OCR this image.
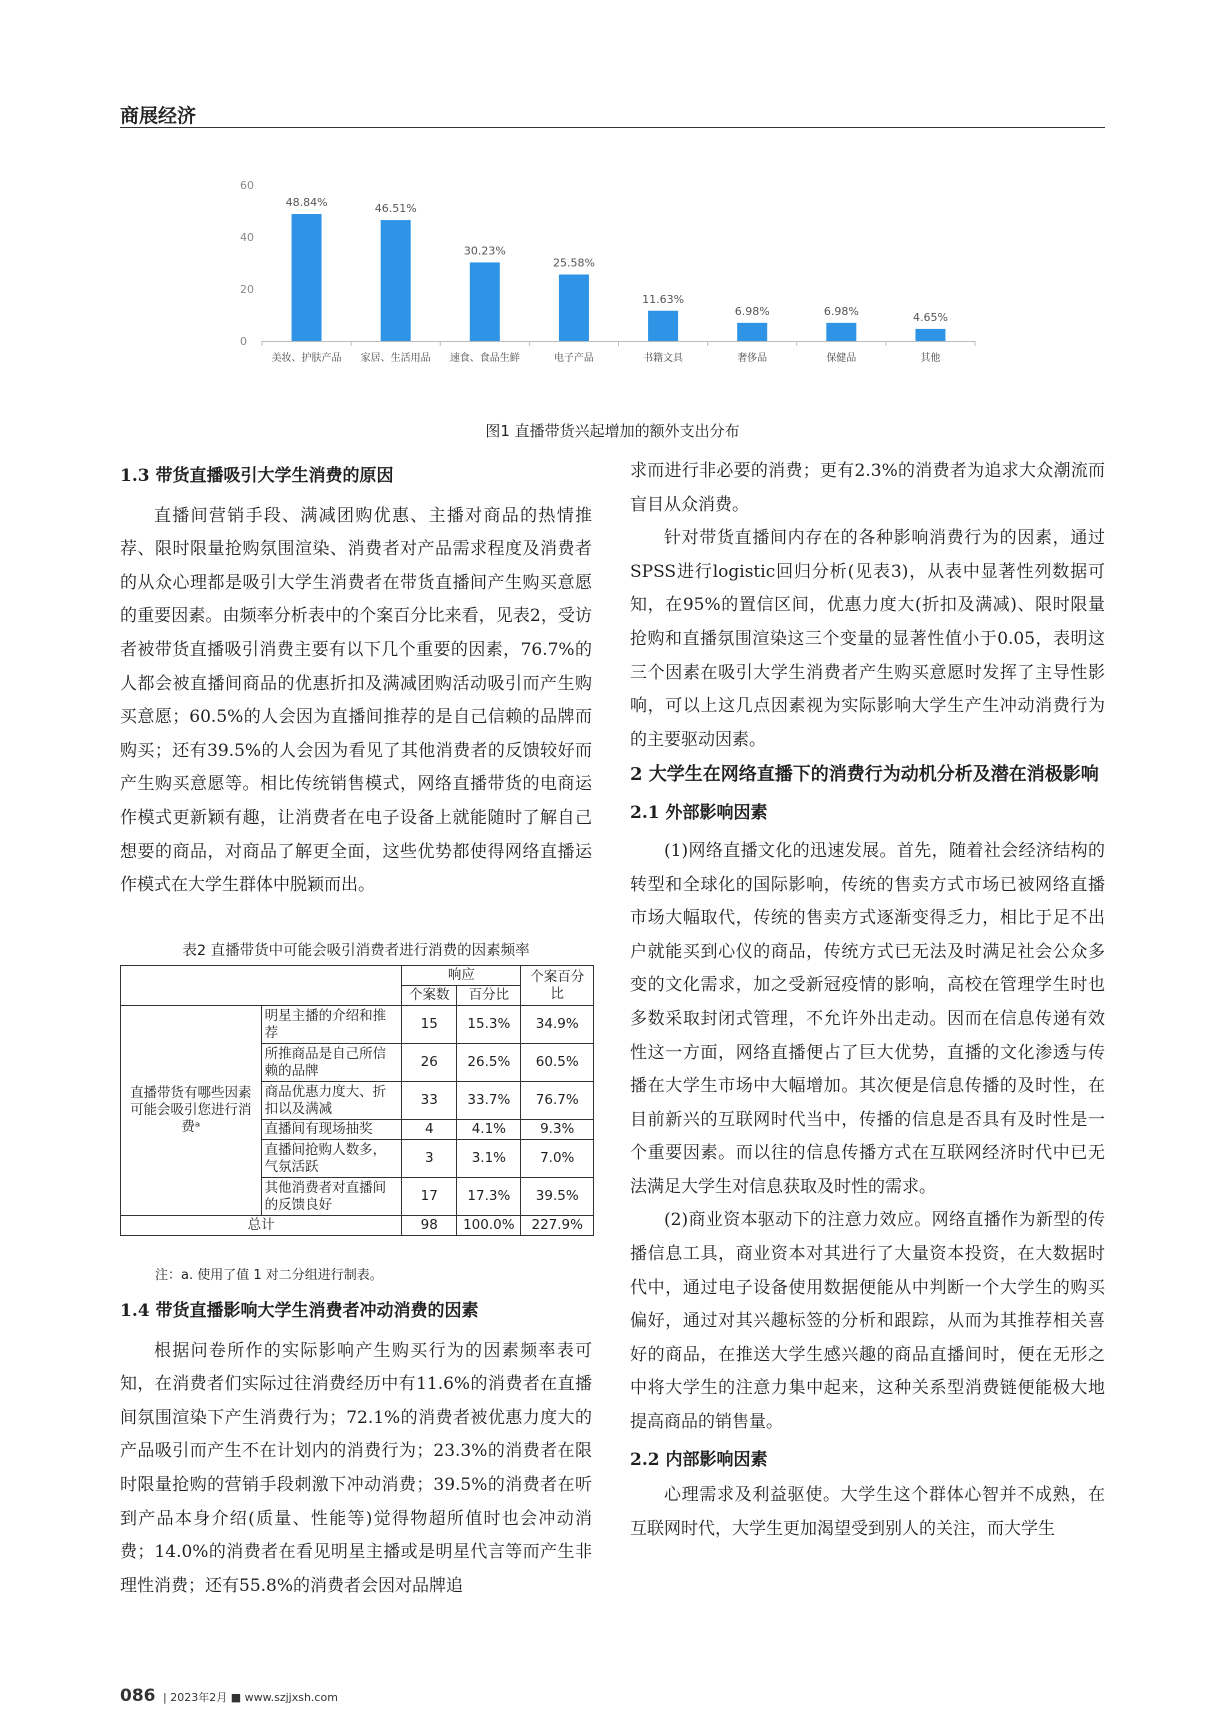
商展经济
0
20
40
60
48.84%
美妆、护肤产品
46.51%
家居、生活用品
30.23%
速食、食品生鲜
25.58%
电子产品
11.63%
书籍文具
6.98%
奢侈品
6.98%
保健品
4.65%
其他
图1 直播带货兴起增加的额外支出分布
1.3 带货直播吸引大学生消费的原因

直播间营销手段、满减团购优惠、主播对商品的热情推荐、限时限量抢购氛围渲染、消费者对产品需求程度及消费者的从众心理都是吸引大学生消费者在带货直播间产生购买意愿的重要因素。由频率分析表中的个案百分比来看，见表2，受访者被带货直播吸引消费主要有以下几个重要的因素，76.7%的人都会被直播间商品的优惠折扣及满减团购活动吸引而产生购买意愿；60.5%的人会因为直播间推荐的是自己信赖的品牌而购买；还有39.5%的人会因为看见了其他消费者的反馈较好而产生购买意愿等。相比传统销售模式，网络直播带货的电商运作模式更新颖有趣，让消费者在电子设备上就能随时了解自己想要的商品，对商品了解更全面，这些优势都使得网络直播运作模式在大学生群体中脱颖而出。

表2 直播带货中可能会吸引消费者进行消费的因素频率
		响应		个案百分比
		个案数	百分比	
直播带货有哪些因素可能会吸引您进行消费ᵃ	明星主播的介绍和推荐	15	15.3%	34.9%
	所推商品是自己所信赖的品牌	26	26.5%	60.5%
	商品优惠力度大、折扣以及满减	33	33.7%	76.7%
	直播间有现场抽奖	4	4.1%	9.3%
	直播间抢购人数多，气氛活跃	3	3.1%	7.0%
	其他消费者对直播间的反馈良好	17	17.3%	39.5%
总计		98	100.0%	227.9%
注：a. 使用了值 1 对二分组进行制表。
1.4 带货直播影响大学生消费者冲动消费的因素

根据问卷所作的实际影响产生购买行为的因素频率表可知，在消费者们实际过往消费经历中有11.6%的消费者在直播间氛围渲染下产生消费行为；72.1%的消费者被优惠力度大的产品吸引而产生不在计划内的消费行为；23.3%的消费者在限时限量抢购的营销手段刺激下冲动消费；39.5%的消费者在听到产品本身介绍(质量、性能等)觉得物超所值时也会冲动消费；14.0%的消费者在看见明星主播或是明星代言等而产生非理性消费；还有55.8%的消费者会因对品牌追

求而进行非必要的消费；更有2.3%的消费者为追求大众潮流而盲目从众消费。

针对带货直播间内存在的各种影响消费行为的因素，通过SPSS进行logistic回归分析(见表3)，从表中显著性列数据可知，在95%的置信区间，优惠力度大(折扣及满减)、限时限量抢购和直播氛围渲染这三个变量的显著性值小于0.05，表明这三个因素在吸引大学生消费者产生购买意愿时发挥了主导性影响，可以上这几点因素视为实际影响大学生产生冲动消费行为的主要驱动因素。

2 大学生在网络直播下的消费行为动机分析及潜在消极影响
2.1 外部影响因素

(1)网络直播文化的迅速发展。首先，随着社会经济结构的转型和全球化的国际影响，传统的售卖方式市场已被网络直播市场大幅取代，传统的售卖方式逐渐变得乏力，相比于足不出户就能买到心仪的商品，传统方式已无法及时满足社会公众多变的文化需求，加之受新冠疫情的影响，高校在管理学生时也多数采取封闭式管理，不允许外出走动。因而在信息传递有效性这一方面，网络直播便占了巨大优势，直播的文化渗透与传播在大学生市场中大幅增加。其次便是信息传播的及时性，在目前新兴的互联网时代当中，传播的信息是否具有及时性是一个重要因素。而以往的信息传播方式在互联网经济时代中已无法满足大学生对信息获取及时性的需求。

(2)商业资本驱动下的注意力效应。网络直播作为新型的传播信息工具，商业资本对其进行了大量资本投资，在大数据时代中，通过电子设备使用数据便能从中判断一个大学生的购买偏好，通过对其兴趣标签的分析和跟踪，从而为其推荐相关喜好的商品，在推送大学生感兴趣的商品直播间时，便在无形之中将大学生的注意力集中起来，这种关系型消费链便能极大地提高商品的销售量。

2.2 内部影响因素

心理需求及利益驱使。大学生这个群体心智并不成熟，在互联网时代，大学生更加渴望受到别人的关注，而大学生

086 | 2023年2月 ■ www.szjjxsh.com
